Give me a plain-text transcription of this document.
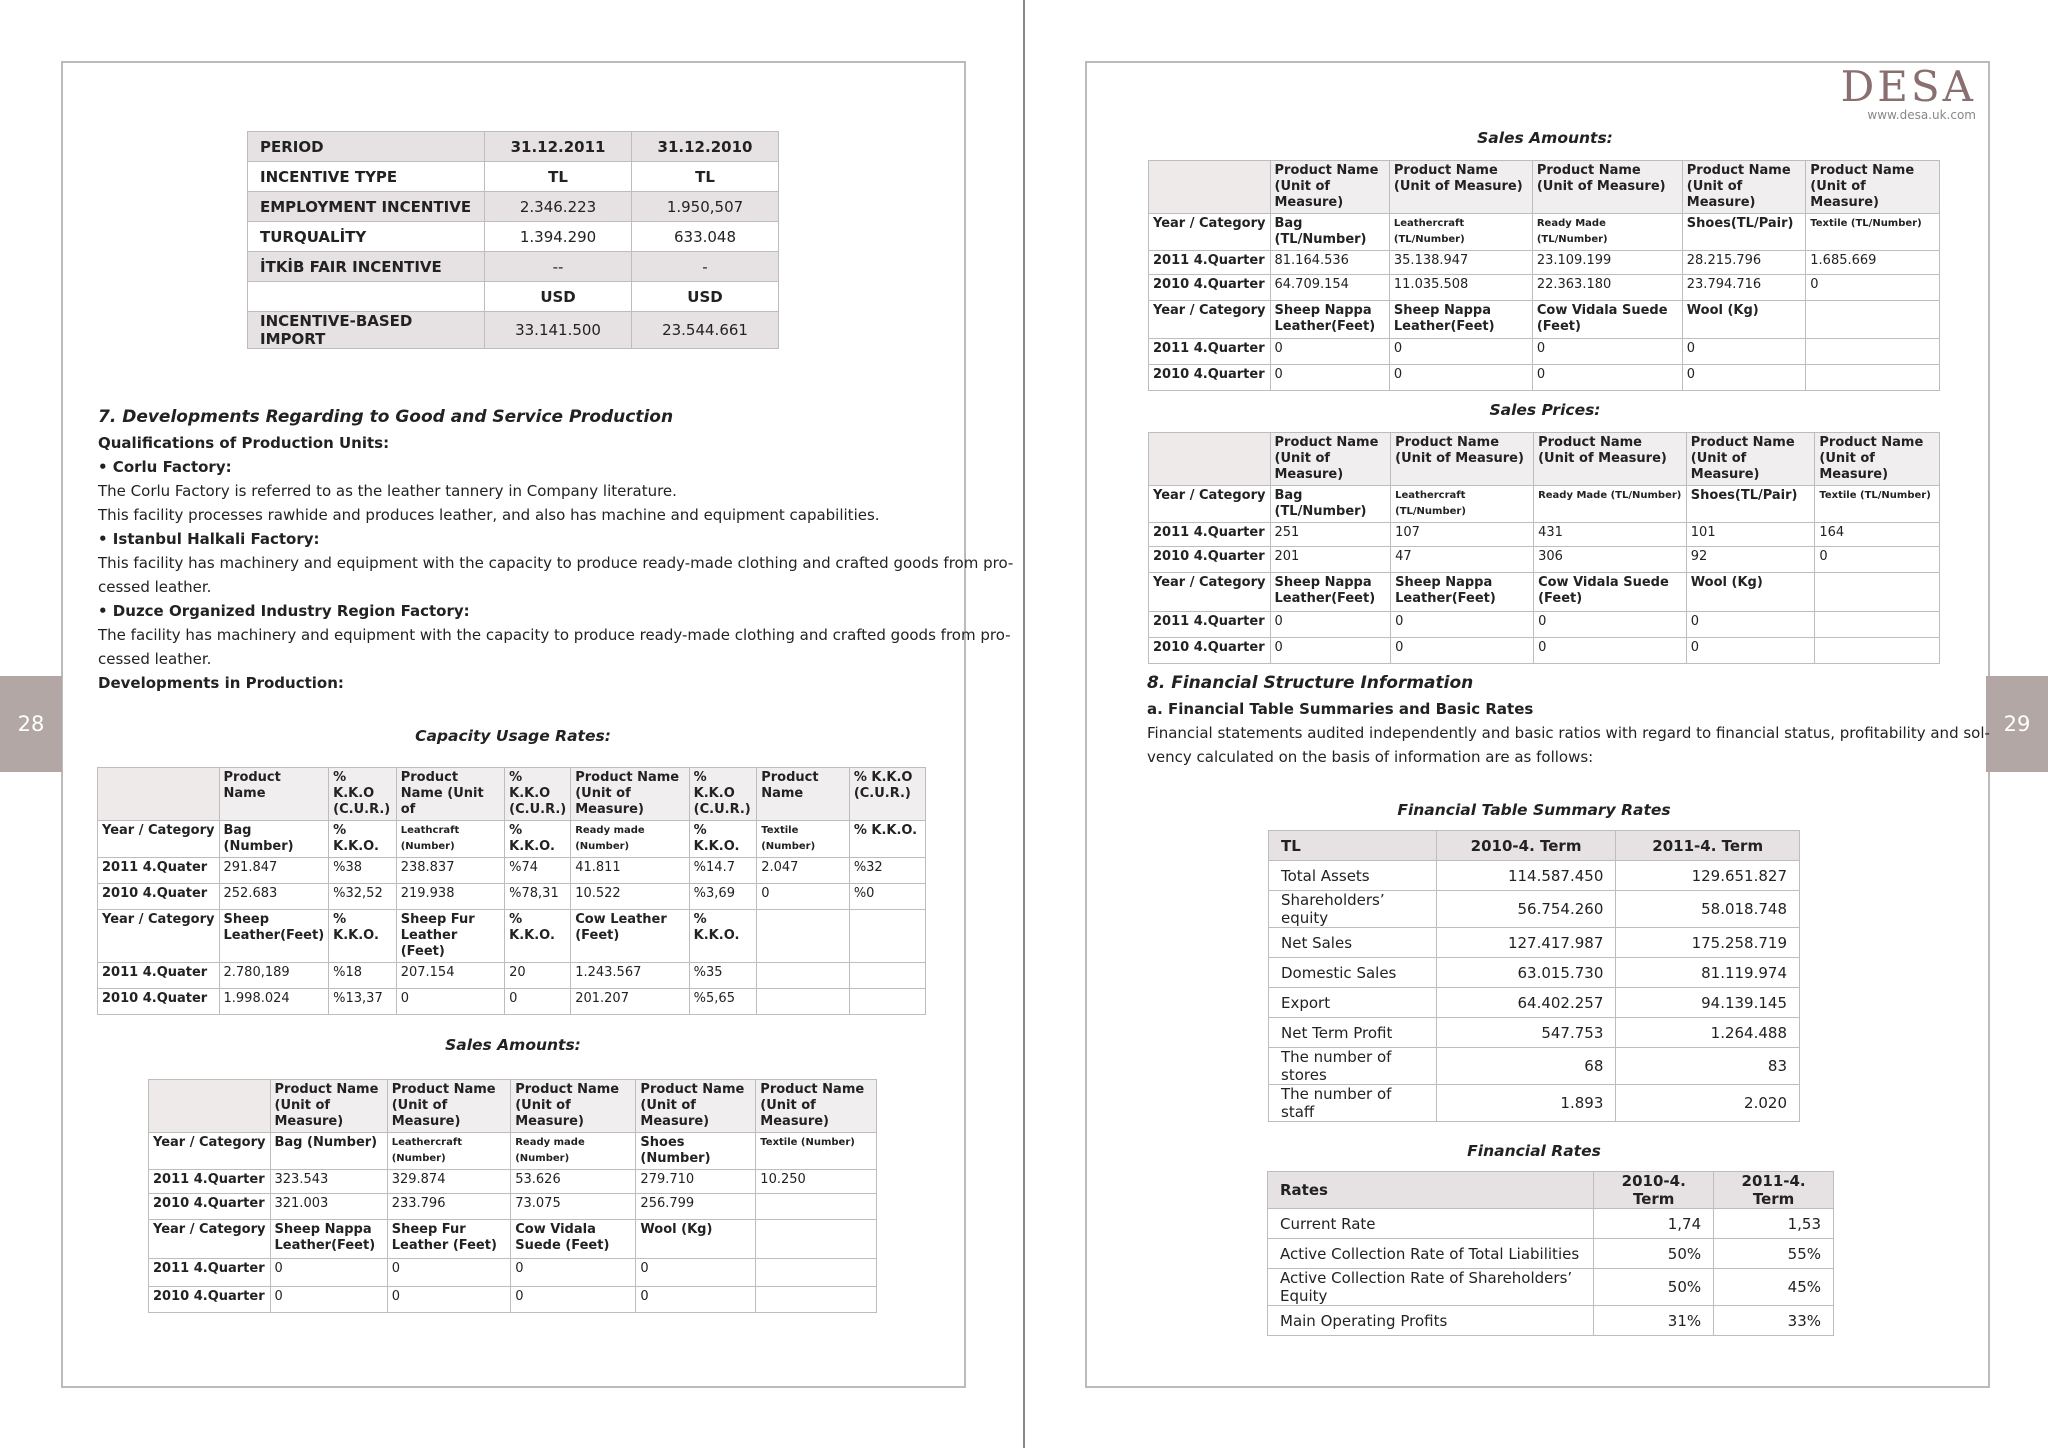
28	29
DESA
www.desa.uk.com
PERIOD	31.12.2011	31.12.2010
INCENTIVE TYPE	TL	TL
EMPLOYMENT INCENTIVE	2.346.223	1.950,507
TURQUALİTY	1.394.290	633.048
İTKİB FAIR INCENTIVE	--	-
	USD	USD
INCENTIVE-BASED IMPORT	33.141.500	23.544.661
7. Developments Regarding to Good and Service Production
Qualifications of Production Units:
• Corlu Factory:
The Corlu Factory is referred to as the leather tannery in Company literature.
This facility processes rawhide and produces leather, and also has machine and equipment capabilities.
• Istanbul Halkali Factory:
This facility has machinery and equipment with the capacity to produce ready-made clothing and crafted goods from pro-
cessed leather.
• Duzce Organized Industry Region Factory:
The facility has machinery and equipment with the capacity to produce ready-made clothing and crafted goods from pro-
cessed leather.
Developments in Production:
Capacity Usage Rates:
	Product Name	% K.K.O (C.U.R.)	Product Name (Unit of	% K.K.O (C.U.R.)	Product Name (Unit of Measure)	% K.K.O (C.U.R.)	Product Name	% K.K.O (C.U.R.)
Year / Category	Bag (Number)	% K.K.O.	Leathcraft (Number)	% K.K.O.	Ready made (Number)	% K.K.O.	Textile (Number)	% K.K.O.
2011 4.Quater	291.847	%38	238.837	%74	41.811	%14.7	2.047	%32
2010 4.Quater	252.683	%32,52	219.938	%78,31	10.522	%3,69	0	%0
Year / Category	Sheep Leather(Feet)	% K.K.O.	Sheep Fur Leather (Feet)	% K.K.O.	Cow Leather (Feet)	% K.K.O.		
2011 4.Quater	2.780,189	%18	207.154	20	1.243.567	%35		
2010 4.Quater	1.998.024	%13,37	0	0	201.207	%5,65		
Sales Amounts:
	Product Name (Unit of Measure)	Product Name (Unit of Measure)	Product Name (Unit of Measure)	Product Name (Unit of Measure)	Product Name (Unit of Measure)
Year / Category	Bag (Number)	Leathercraft (Number)	Ready made (Number)	Shoes (Number)	Textile (Number)
2011 4.Quarter	323.543	329.874	53.626	279.710	10.250
2010 4.Quarter	321.003	233.796	73.075	256.799	
Year / Category	Sheep Nappa Leather(Feet)	Sheep Fur Leather (Feet)	Cow Vidala Suede (Feet)	Wool (Kg)	
2011 4.Quarter	0	0	0	0	
2010 4.Quarter	0	0	0	0	
Sales Amounts:
	Product Name (Unit of Measure)	Product Name (Unit of Measure)	Product Name (Unit of Measure)	Product Name (Unit of Measure)	Product Name (Unit of Measure)
Year / Category	Bag (TL/Number)	Leathercraft (TL/Number)	Ready Made (TL/Number)	Shoes(TL/Pair)	Textile (TL/Number)
2011 4.Quarter	81.164.536	35.138.947	23.109.199	28.215.796	1.685.669
2010 4.Quarter	64.709.154	11.035.508	22.363.180	23.794.716	0
Year / Category	Sheep Nappa Leather(Feet)	Sheep Nappa Leather(Feet)	Cow Vidala Suede (Feet)	Wool (Kg)	
2011 4.Quarter	0	0	0	0	
2010 4.Quarter	0	0	0	0	
Sales Prices:
	Product Name (Unit of Measure)	Product Name (Unit of Measure)	Product Name (Unit of Measure)	Product Name (Unit of Measure)	Product Name (Unit of Measure)
Year / Category	Bag (TL/Number)	Leathercraft (TL/Number)	Ready Made (TL/Number)	Shoes(TL/Pair)	Textile (TL/Number)
2011 4.Quarter	251	107	431	101	164
2010 4.Quarter	201	47	306	92	0
Year / Category	Sheep Nappa Leather(Feet)	Sheep Nappa Leather(Feet)	Cow Vidala Suede (Feet)	Wool (Kg)	
2011 4.Quarter	0	0	0	0	
2010 4.Quarter	0	0	0	0	
8. Financial Structure Information
a. Financial Table Summaries and Basic Rates
Financial statements audited independently and basic ratios with regard to financial status, profitability and sol-
vency calculated on the basis of information are as follows:
Financial Table Summary Rates
TL	2010-4. Term	2011-4. Term
Total Assets	114.587.450	129.651.827
Shareholders’ equity	56.754.260	58.018.748
Net Sales	127.417.987	175.258.719
Domestic Sales	63.015.730	81.119.974
Export	64.402.257	94.139.145
Net Term Profit	547.753	1.264.488
The number of stores	68	83
The number of staff	1.893	2.020
Financial Rates
Rates	2010-4. Term	2011-4. Term
Current Rate	1,74	1,53
Active Collection Rate of Total Liabilities	50%	55%
Active Collection Rate of Shareholders’ Equity	50%	45%
Main Operating Profits	31%	33%
